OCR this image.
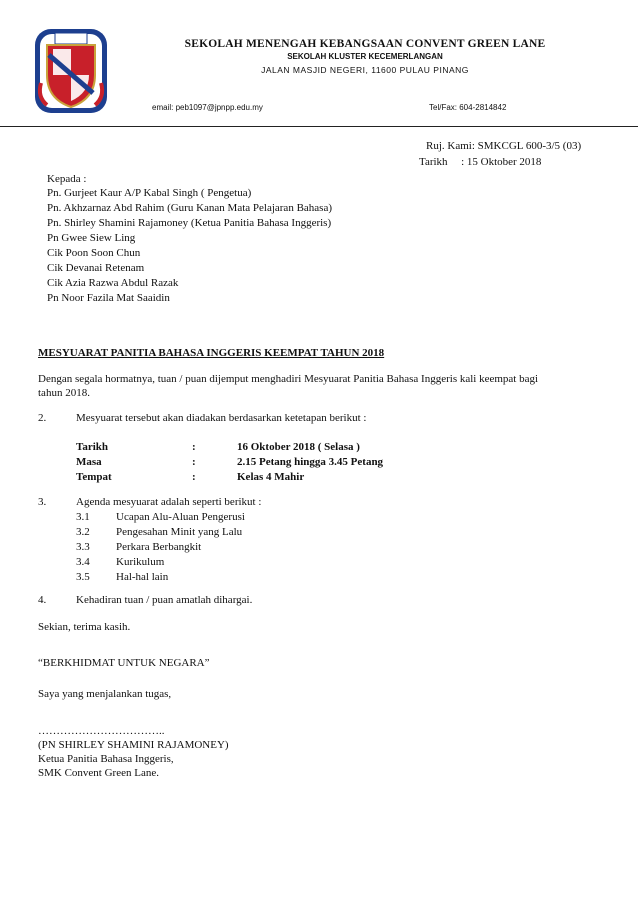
SEKOLAH MENENGAH KEBANGSAAN CONVENT GREEN LANE
SEKOLAH KLUSTER KECEMERLANGAN
JALAN MASJID NEGERI, 11600 PULAU PINANG
email: peb1097@jpnpp.edu.my	Tel/Fax: 604-2814842
Ruj. Kami: SMKCGL 600-3/5 (03)
Tarikh : 15 Oktober 2018
Kepada :
Pn. Gurjeet Kaur A/P Kabal Singh ( Pengetua)
Pn. Akhzarnaz Abd Rahim (Guru Kanan Mata Pelajaran Bahasa)
Pn. Shirley Shamini Rajamoney (Ketua Panitia Bahasa Inggeris)
Pn Gwee Siew Ling
Cik Poon Soon Chun
Cik Devanai Retenam
Cik Azia Razwa Abdul Razak
Pn Noor Fazila Mat Saaidin
MESYUARAT PANITIA BAHASA INGGERIS KEEMPAT TAHUN 2018
Dengan segala hormatnya, tuan / puan dijemput menghadiri Mesyuarat Panitia Bahasa Inggeris kali keempat bagi
tahun 2018.
2.	Mesyuarat tersebut akan diadakan berdasarkan ketetapan berikut :
Tarikh	:	16 Oktober 2018 ( Selasa )
Masa	:	2.15 Petang hingga 3.45 Petang
Tempat	:	Kelas 4 Mahir
3.	Agenda mesyuarat adalah seperti berikut :
3.1 Ucapan Alu-Aluan Pengerusi
3.2 Pengesahan Minit yang Lalu
3.3 Perkara Berbangkit
3.4 Kurikulum
3.5 Hal-hal lain
4.	Kehadiran tuan / puan amatlah dihargai.
Sekian, terima kasih.
“BERKHIDMAT UNTUK NEGARA”
Saya yang menjalankan tugas,
……………………………..
(PN SHIRLEY SHAMINI RAJAMONEY)
Ketua Panitia Bahasa Inggeris,
SMK Convent Green Lane.
